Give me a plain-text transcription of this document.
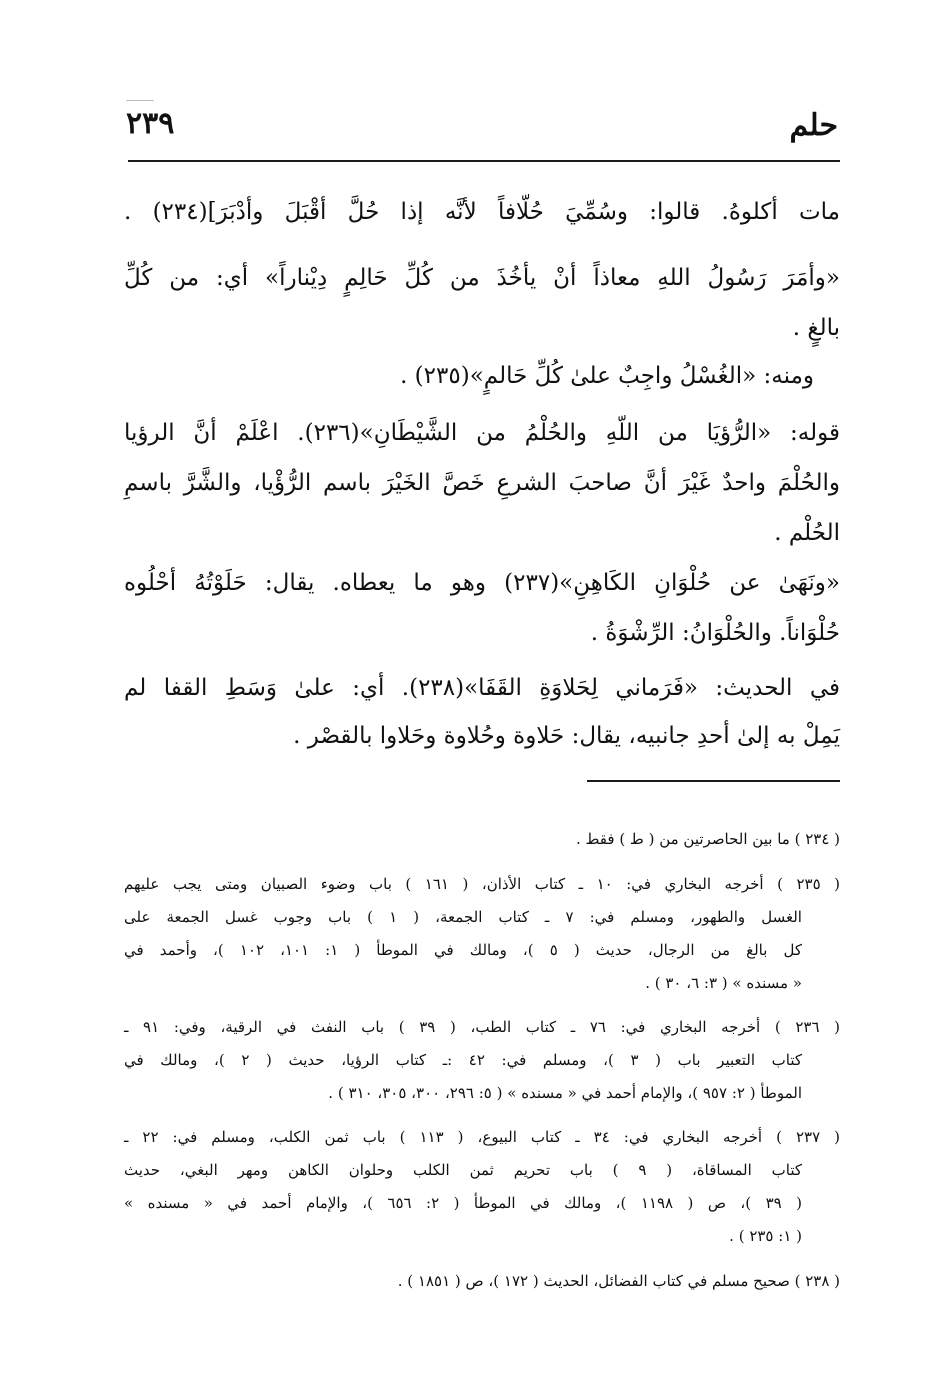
٢٣٩	حلم
مات أكلوهُ. قالوا: وسُمِّيَ حُلّافاً لأنَّه إذا حُلَّ أقْبَلَ وأدْبَرَ](٢٣٤) .
«وأمَرَ رَسُولُ اللهِ معاذاً أنْ يأخُذَ من كُلِّ حَالِمٍ دِيْناراً» أي: من كُلِّ
بالغٍ .
ومنه: «الغُسْلُ واجِبٌ علىٰ كُلِّ حَالمٍ»(٢٣٥) .
قوله: «الرُّؤيَا من اللّهِ والحُلْمُ من الشَّيْطَانِ»(٢٣٦). اعْلَمْ أنَّ الرؤيا
والحُلْمَ واحدٌ غَيْرَ أنَّ صاحبَ الشرعِ خَصَّ الخَيْرَ باسم الرُّؤْيا، والشَّرَّ باسمِ
الحُلْم .
«ونَهَىٰ عن حُلْوَانِ الكَاهِنِ»(٢٣٧) وهو ما يعطاه. يقال: حَلَوْتُهُ أحْلُوه
حُلْوَاناً. والحُلْوَانُ: الرِّشْوَةُ .
في الحديث: «فَرَماني لِحَلاوَةِ القَفَا»(٢٣٨). أي: علىٰ وَسَطِ القفا لم
يَمِلْ به إلىٰ أحدِ جانبيه، يقال: حَلاوة وحُلاوة وحَلاوا بالقصْر .
( ٢٣٤ ) ما بين الحاصرتين من ( ط ) فقط .
( ٢٣٥ ) أخرجه البخاري في: ١٠ ـ كتاب الأذان، ( ١٦١ ) باب وضوء الصبيان ومتى يجب عليهم
الغسل والطهور، ومسلم في: ٧ ـ كتاب الجمعة، ( ١ ) باب وجوب غسل الجمعة على
كل بالغ من الرجال، حديث ( ٥ )، ومالك في الموطأ ( ١: ١٠١، ١٠٢ )، وأحمد في
« مسنده » ( ٣: ٦، ٣٠ ) .
( ٢٣٦ ) أخرجه البخاري في: ٧٦ ـ كتاب الطب، ( ٣٩ ) باب النفث في الرقية، وفي: ٩١ ـ
كتاب التعبير باب ( ٣ )، ومسلم في: ٤٢ :ـ كتاب الرؤيا، حديث ( ٢ )، ومالك في
الموطأ ( ٢: ٩٥٧ )، والإمام أحمد في « مسنده » ( ٥: ٢٩٦، ٣٠٠، ٣٠٥، ٣١٠ ) .
( ٢٣٧ ) أخرجه البخاري في: ٣٤ ـ كتاب البيوع، ( ١١٣ ) باب ثمن الكلب، ومسلم في: ٢٢ ـ
كتاب المساقاة، ( ٩ ) باب تحريم ثمن الكلب وحلوان الكاهن ومهر البغي، حديث
( ٣٩ )، ص ( ١١٩٨ )، ومالك في الموطأ ( ٢: ٦٥٦ )، والإمام أحمد في « مسنده »
( ١: ٢٣٥ ) .
( ٢٣٨ ) صحيح مسلم في كتاب الفضائل، الحديث ( ١٧٢ )، ص ( ١٨٥١ ) .
